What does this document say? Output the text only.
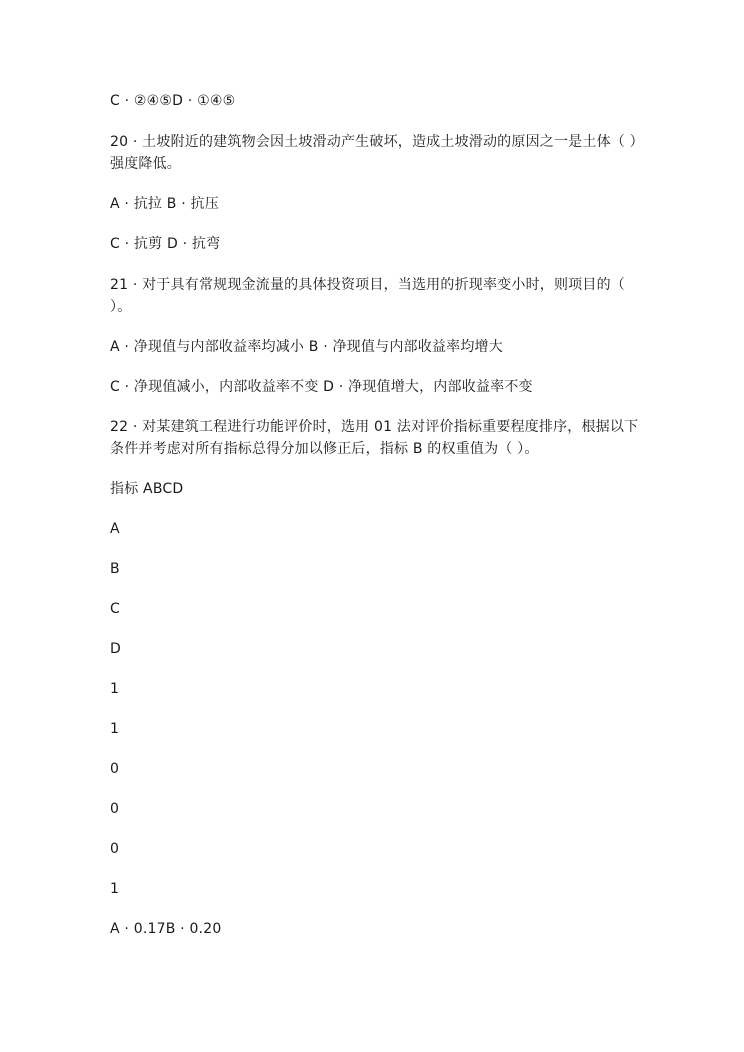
C · ②④⑤D · ①④⑤
20 · 土坡附近的建筑物会因土坡滑动产生破坏，造成土坡滑动的原因之一是土体（ ）强度降低。
A · 抗拉 B · 抗压
C · 抗剪 D · 抗弯
21 · 对于具有常规现金流量的具体投资项目，当选用的折现率变小时，则项目的（ ）。
A · 净现值与内部收益率均减小 B · 净现值与内部收益率均增大
C · 净现值减小，内部收益率不变 D · 净现值增大，内部收益率不变
22 · 对某建筑工程进行功能评价时，选用 01 法对评价指标重要程度排序，根据以下条件并考虑对所有指标总得分加以修正后，指标 B 的权重值为（ ）。
指标 ABCD
A
B
C
D
1
1
0
0
0
1
A · 0.17B · 0.20
